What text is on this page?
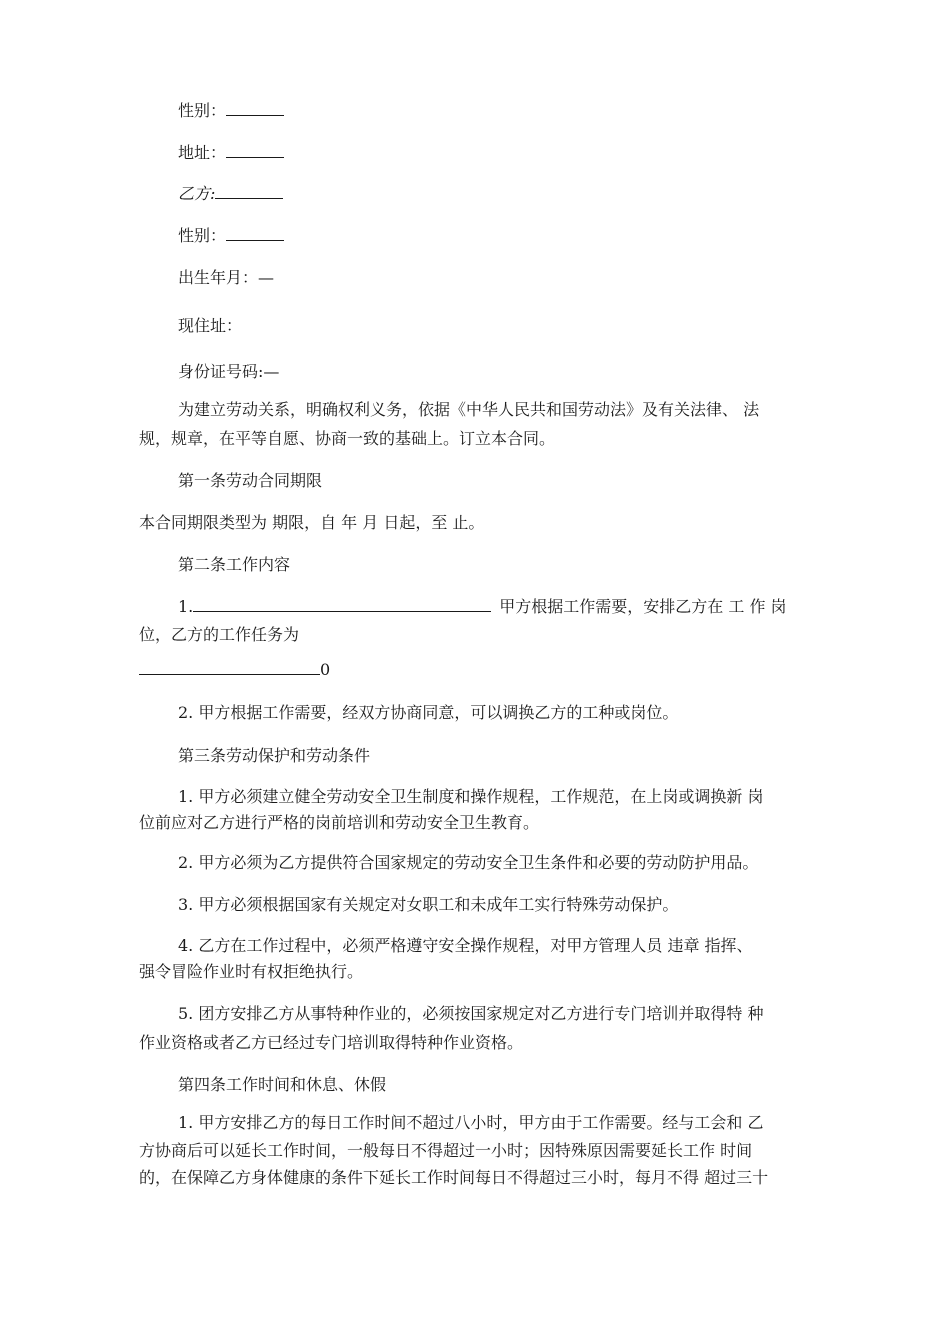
性别：
地址：
乙方:
性别：
出生年月：—
现住址：
身份证号码:—
为建立劳动关系，明确权利义务，依据《中华人民共和国劳动法》及有关法律、 法
规，规章，在平等自愿、协商一致的基础上。订立本合同。
第一条劳动合同期限
本合同期限类型为 期限，自 年 月 日起，至 止。
第二条工作内容
1.	甲方根据工作需要，安排乙方在 工 作 岗
位，乙方的工作任务为
0
2. 甲方根据工作需要，经双方协商同意，可以调换乙方的工种或岗位。
第三条劳动保护和劳动条件
1. 甲方必须建立健全劳动安全卫生制度和操作规程，工作规范，在上岗或调换新 岗
位前应对乙方进行严格的岗前培训和劳动安全卫生教育。
2. 甲方必须为乙方提供符合国家规定的劳动安全卫生条件和必要的劳动防护用品。
3. 甲方必须根据国家有关规定对女职工和未成年工实行特殊劳动保护。
4. 乙方在工作过程中，必须严格遵守安全操作规程，对甲方管理人员 违章 指挥、
强令冒险作业时有权拒绝执行。
5. 团方安排乙方从事特种作业的，必须按国家规定对乙方进行专门培训并取得特 种
作业资格或者乙方已经过专门培训取得特种作业资格。
第四条工作时间和休息、休假
1. 甲方安排乙方的每日工作时间不超过八小时，甲方由于工作需要。经与工会和 乙
方协商后可以延长工作时间，一般每日不得超过一小时；因特殊原因需要延长工作 时间
的，在保障乙方身体健康的条件下延长工作时间每日不得超过三小时，每月不得 超过三十
